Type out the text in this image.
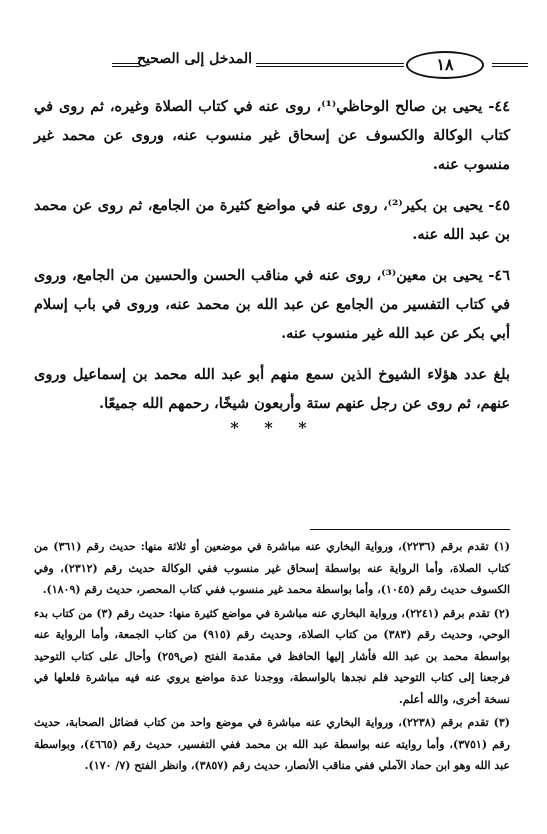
المدخل إلى الصحيح	١٨

٤٤- يحيى بن صالح الوحاظي⁽¹⁾، روى عنه في كتاب الصلاة وغيره، ثم روى في كتاب الوكالة والكسوف عن إسحاق غير منسوب عنه، وروى عن محمد غير منسوب عنه.

٤٥- يحيى بن بكير⁽²⁾، روى عنه في مواضع كثيرة من الجامع، ثم روى عن محمد بن عبد الله عنه.

٤٦- يحيى بن معين⁽³⁾، روى عنه في مناقب الحسن والحسين من الجامع، وروى في كتاب التفسير من الجامع عن عبد الله بن محمد عنه، وروى في باب إسلام أبي بكر عن عبد الله غير منسوب عنه.

بلغ عدد هؤلاء الشيوخ الذين سمع منهم أبو عبد الله محمد بن إسماعيل وروى عنهم، ثم روى عن رجل عنهم ستة وأربعون شيخًا، رحمهم الله جميعًا.

* * *

(١) تقدم برقم (٢٢٣٦)، ورواية البخاري عنه مباشرة في موضعين أو ثلاثة منها: حديث رقم (٣٦١) من كتاب الصلاة، وأما الرواية عنه بواسطة إسحاق غير منسوب ففي الوكالة حديث رقم (٢٣١٢)، وفي الكسوف حديث رقم (١٠٤٥)، وأما بواسطة محمد غير منسوب ففي كتاب المحصر، حديث رقم (١٨٠٩).

(٢) تقدم برقم (٢٢٤١)، ورواية البخاري عنه مباشرة في مواضع كثيرة منها: حديث رقم (٣) من كتاب بدء الوحي، وحديث رقم (٣٨٣) من كتاب الصلاة، وحديث رقم (٩١٥) من كتاب الجمعة، وأما الرواية عنه بواسطة محمد بن عبد الله فأشار إليها الحافظ في مقدمة الفتح (ص٢٥٩) وأحال على كتاب التوحيد فرجعنا إلى كتاب التوحيد فلم نجدها بالواسطة، ووجدنا عدة مواضع يروي عنه فيه مباشرة فلعلها في نسخة أخرى، والله أعلم.

(٣) تقدم برقم (٢٢٣٨)، ورواية البخاري عنه مباشرة في موضع واحد من كتاب فضائل الصحابة، حديث رقم (٣٧٥١)، وأما روايته عنه بواسطة عبد الله بن محمد ففي التفسير، حديث رقم (٤٦٦٥)، وبواسطة عبد الله وهو ابن حماد الآملي ففي مناقب الأنصار، حديث رقم (٣٨٥٧)، وانظر الفتح (٧/ ١٧٠).
